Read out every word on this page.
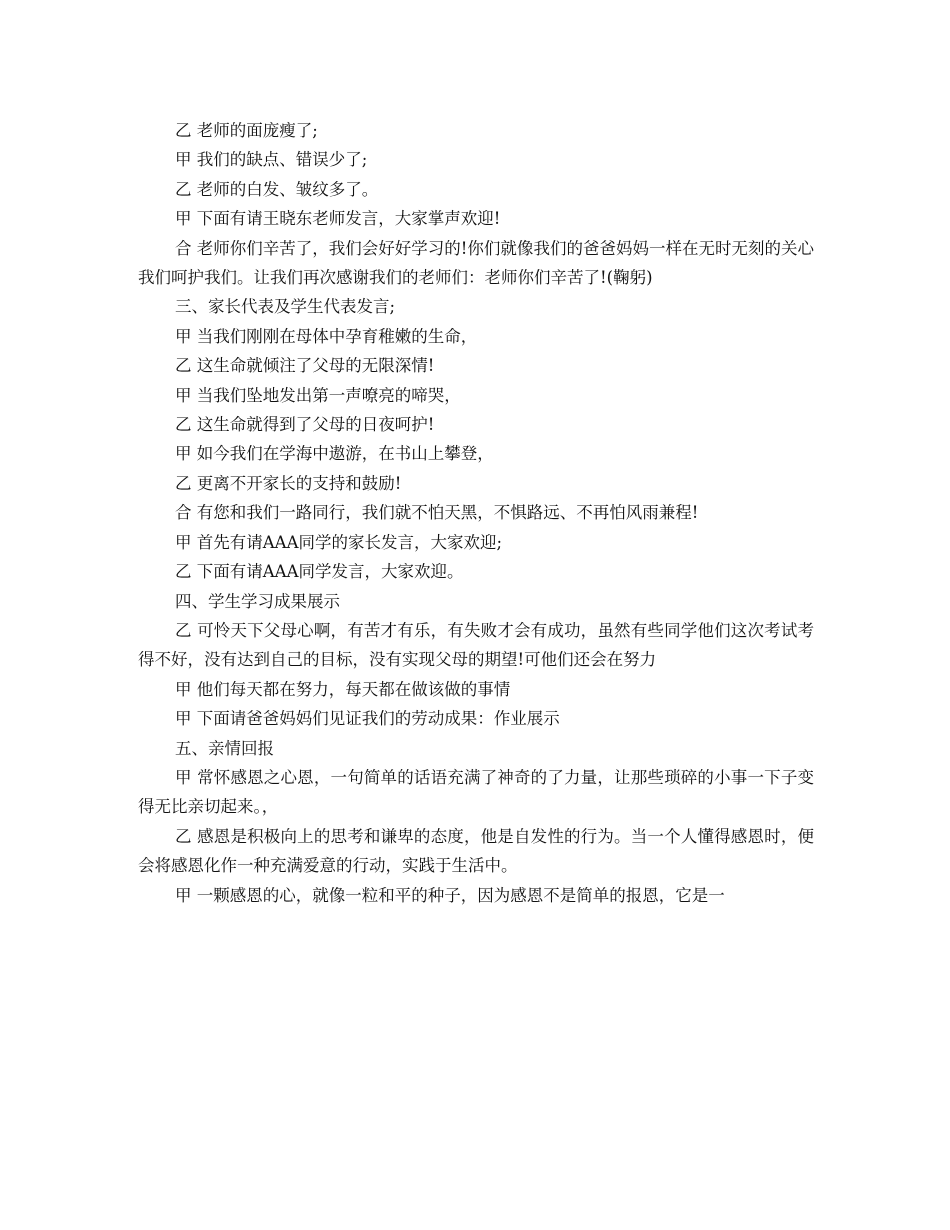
乙 老师的面庞瘦了;

甲 我们的缺点、错误少了;

乙 老师的白发、皱纹多了。

甲 下面有请王晓东老师发言，大家掌声欢迎!

合 老师你们辛苦了，我们会好好学习的!你们就像我们的爸爸妈妈一样在无时无刻的关心我们呵护我们。让我们再次感谢我们的老师们：老师你们辛苦了!(鞠躬)

三、家长代表及学生代表发言;

甲 当我们刚刚在母体中孕育稚嫩的生命，

乙 这生命就倾注了父母的无限深情!

甲 当我们坠地发出第一声嘹亮的啼哭，

乙 这生命就得到了父母的日夜呵护!

甲 如今我们在学海中遨游，在书山上攀登，

乙 更离不开家长的支持和鼓励!

合 有您和我们一路同行，我们就不怕天黑，不惧路远、不再怕风雨兼程!

甲 首先有请AAA同学的家长发言，大家欢迎;

乙 下面有请AAA同学发言，大家欢迎。

四、学生学习成果展示

乙 可怜天下父母心啊，有苦才有乐，有失败才会有成功，虽然有些同学他们这次考试考得不好，没有达到自己的目标，没有实现父母的期望!可他们还会在努力

甲 他们每天都在努力，每天都在做该做的事情

甲 下面请爸爸妈妈们见证我们的劳动成果：作业展示

五、亲情回报

甲 常怀感恩之心恩，一句简单的话语充满了神奇的了力量，让那些琐碎的小事一下子变得无比亲切起来。，

乙 感恩是积极向上的思考和谦卑的态度，他是自发性的行为。当一个人懂得感恩时，便会将感恩化作一种充满爱意的行动，实践于生活中。

甲 一颗感恩的心，就像一粒和平的种子，因为感恩不是简单的报恩，它是一
